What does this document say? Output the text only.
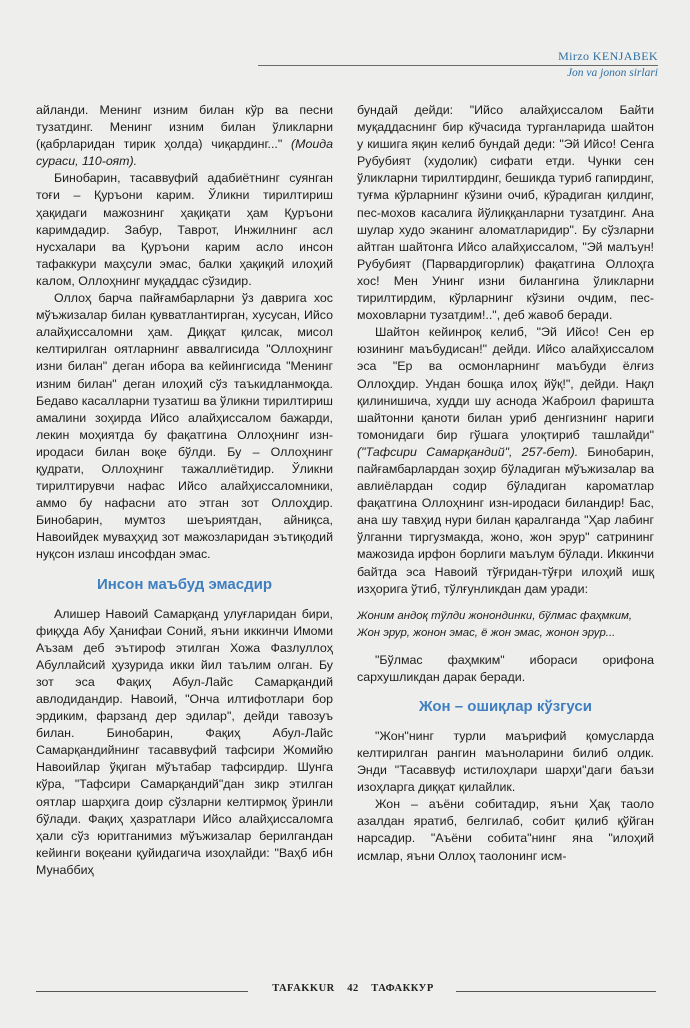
Mirzo KENJABEK
Jon va jonon sirlari

айланди. Менинг изним билан кўр ва песни тузатдинг. Менинг изним билан ўликларни (қабрларидан тирик ҳолда) чиқардинг..." (Моида сураси, 110-оят).

Бинобарин, тасаввуфий адабиётнинг суянган тоғи – Қуръони карим. Ўликни тирилтириш ҳақидаги мажознинг ҳақиқати ҳам Қуръони каримдадир. Забур, Таврот, Инжилнинг асл нусхалари ва Қуръони карим асло инсон тафаккури маҳсули эмас, балки ҳақиқий илоҳий калом, Оллоҳнинг муқаддас сўзидир.

Оллоҳ барча пайғамбарларни ўз даврига хос мўъжизалар билан қувватлантирган, хусусан, Ийсо алайҳиссаломни ҳам. Диққат қилсак, мисол келтирилган оятларнинг аввалгисида "Оллоҳнинг изни билан" деган ибора ва кейингисида "Менинг изним билан" деган илоҳий сўз таъкидланмоқда. Бедаво касалларни тузатиш ва ўликни тирилтириш амалини зоҳирда Ийсо алайҳиссалом бажарди, лекин моҳиятда бу фақатгина Оллоҳнинг изн-иродаси билан воқе бўлди. Бу – Оллоҳнинг қудрати, Оллоҳнинг тажаллиётидир. Ўликни тирилтирувчи нафас Ийсо алайҳиссаломники, аммо бу нафасни ато этган зот Оллоҳдир. Бинобарин, мумтоз шеъриятдан, айниқса, Навоийдек муваҳҳид зот мажозларидан эътиқодий нуқсон излаш инсофдан эмас.

Инсон маъбуд эмасдир

Алишер Навоий Самарқанд улуғларидан бири, фиқҳда Абу Ҳанифаи Соний, яъни иккинчи Имоми Аъзам деб эътироф этилган Хожа Фазлуллоҳ Абуллайсий ҳузурида икки йил таълим олган. Бу зот эса Фақиҳ Абул-Лайс Самарқандий авлодидандир. Навоий, "Онча илтифотлари бор эрдиким, фарзанд дер эдилар", дейди тавозуъ билан. Бинобарин, Фақиҳ Абул-Лайс Самарқандийнинг тасаввуфий тафсири Жомийю Навоийлар ўқиган мўътабар тафсирдир. Шунга кўра, "Тафсири Самарқандий"дан зикр этилган оятлар шарҳига доир сўзларни келтирмоқ ўринли бўлади. Фақиҳ ҳазратлари Ийсо алайҳиссаломга ҳали сўз юритганимиз мўъжизалар берилгандан кейинги воқеани қуйидагича изоҳлайди: "Ваҳб ибн Мунаббиҳ

бундай дейди: "Ийсо алайҳиссалом Байти муқаддаснинг бир кўчасида турганларида шайтон у кишига яқин келиб бундай деди: "Эй Ийсо! Сенга Рубубият (худолик) сифати етди. Чунки сен ўликларни тирилтирдинг, бешикда туриб гапирдинг, туғма кўрларнинг кўзини очиб, кўрадиган қилдинг, пес-мохов касалига йўлиққанларни тузатдинг. Ана шулар худо эканинг аломатларидир". Бу сўзларни айтган шайтонга Ийсо алайҳиссалом, "Эй малъун! Рубубият (Парвардигорлик) фақатгина Оллоҳга хос! Мен Унинг изни билангина ўликларни тирилтирдим, кўрларнинг кўзини очдим, пес-моховларни тузатдим!..", деб жавоб беради.

Шайтон кейинроқ келиб, "Эй Ийсо! Сен ер юзининг маъбудисан!" дейди. Ийсо алайҳиссалом эса "Ер ва осмонларнинг маъбуди ёлғиз Оллоҳдир. Ундан бошқа илоҳ йўқ!", дейди. Нақл қилинишича, худди шу аснода Жаброил фаришта шайтонни қаноти билан уриб денгизнинг нариги томонидаги бир гўшага улоқтириб ташлайди" ("Тафсири Самарқандий", 257-бет). Бинобарин, пайғамбарлардан зоҳир бўладиган мўъжизалар ва авлиёлардан содир бўладиган кароматлар фақатгина Оллоҳнинг изн-иродаси билан​дир! Бас, ана шу тавҳид нури билан қаралганда "Ҳар лабинг ўлганни тиргузмакда, жоно, жон эрур" сатрининг мажозида ирфон борлиги маълум бўлади. Иккинчи байтда эса Навоий тўғридан-тўғри илоҳий ишқ изҳорига ўтиб, тўлғунликдан дам уради:

Жоним андоқ тўлди жонондинки, бўлмас фаҳмким,
Жон эрур, жонон эмас, ё жон эмас, жонон эрур...

"Бўлмас фаҳмким" ибораси орифона сархушликдан дарак беради.

Жон – ошиқлар кўзгуси

"Жон"нинг турли маърифий қомусларда келтирилган рангин маъноларини билиб олдик. Энди "Тасаввуф истилоҳлари шарҳи"даги баъзи изоҳларга диққат қилайлик.

Жон – аъёни собитадир, яъни Ҳақ таоло азалдан яратиб, белгилаб, собит қилиб қўйган нарсадир. "Аъёни собита"нинг яна "илоҳий исмлар, яъни Оллоҳ таолонинг исм-

TAFAKKUR 42 ТАФАККУР
